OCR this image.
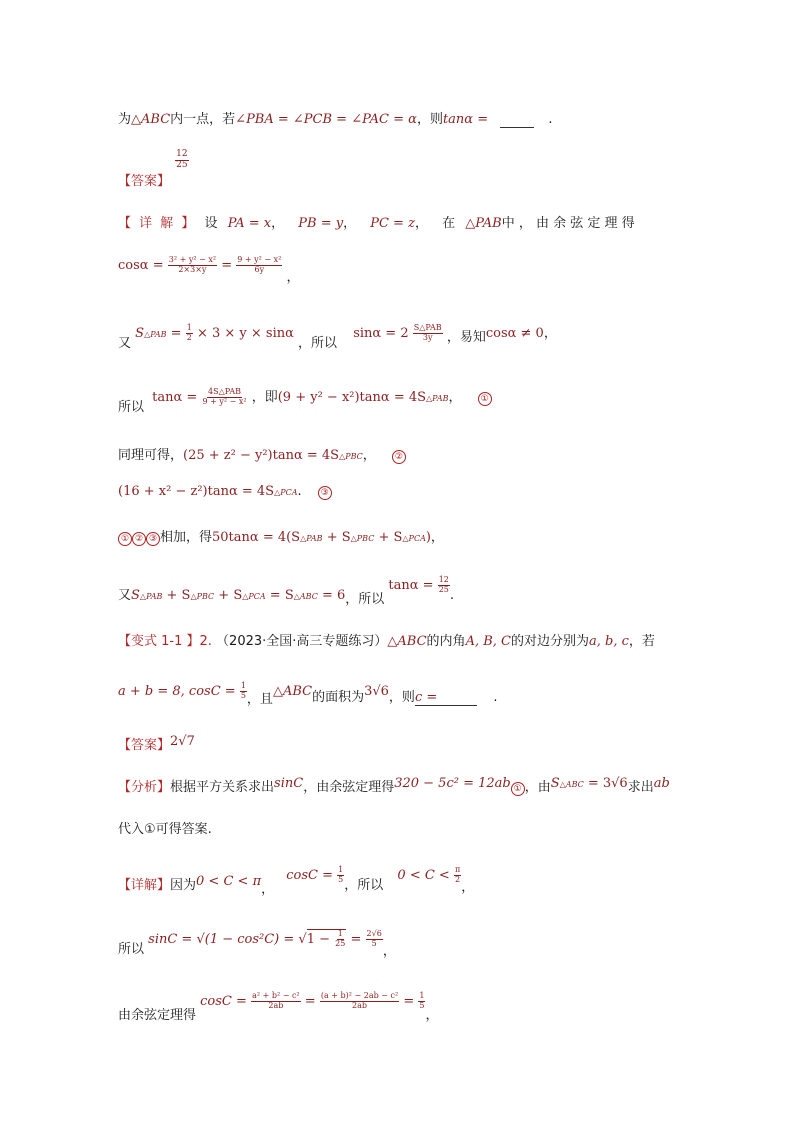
为△ABC内一点，若∠PBA = ∠PCB = ∠PAC = α，则tanα =	.
$_{【答案】}$
$\frac{12}{25}$
【 详 解 】 设 PA = x， PB = y， PC = z， 在 △PAB中 ， 由 余 弦 定 理 得
$\cos\alpha = \frac{\text{3² + y² − x²}}{2\times 3\times y} = \frac{\text{9 + y² − x²}}{6y}$
，
又 S△PAB = $\frac{1}{2} \times 3 \times y \times \sin\alpha$ ，所以 $\sin\alpha = 2 \frac{\text{S△PAB}}{3y}$ ，易知cosα ≠ 0，
所以 $\tan\alpha = \frac{\text{4S△PAB}}{\text{9 + y² − x²}}$ ，即(9 + y² − x²)tanα = 4S△PAB， ①
同理可得，(25 + z² − y²)tanα = 4S△PBC， ②
(16 + x² − z²)tanα = 4S△PCA. ③
① ② ③ 相加，得50tanα = 4(S△PAB + S△PBC + S△PCA)，
又$S_{\triangle PAB} + S_{\triangle PBC} + S_{\triangle PCA} = S_{\triangle ABC} = 6$，所以 $\tan\alpha = \frac{12}{25}$
.
【变式 1-1 】2. （2023·全国·高三专题练习）△ABC的内角A, B, C的对边分别为a, b, c，若
a + b = 8, $\cos C = \frac{1}{5}$ ，且△ABC的面积为3√6，则c =	.
【答案】2√7
【分析】根据平方关系求出sinC，由余弦定理得320 − 5c² = 12ab ① ，由$S^{\triangle ABC} = 3√6$求出ab
代入①可得答案.
【详解】因为0 < C < π， $\cos C = \frac{1}{5}$
，所以 $0 < C < \frac{\pi}{2}$
，
所以 $\sin C = √(1 - \cos^2C) = √1 - \frac{1}{25} = \frac{2√6}{5}$
，
由余弦定理得 $\cos C = \frac{\text{a² + b² − c²}}{2ab} = \frac{\text{(a + b)² − 2ab − c²}}{2ab} = \frac{1}{5}$
，
